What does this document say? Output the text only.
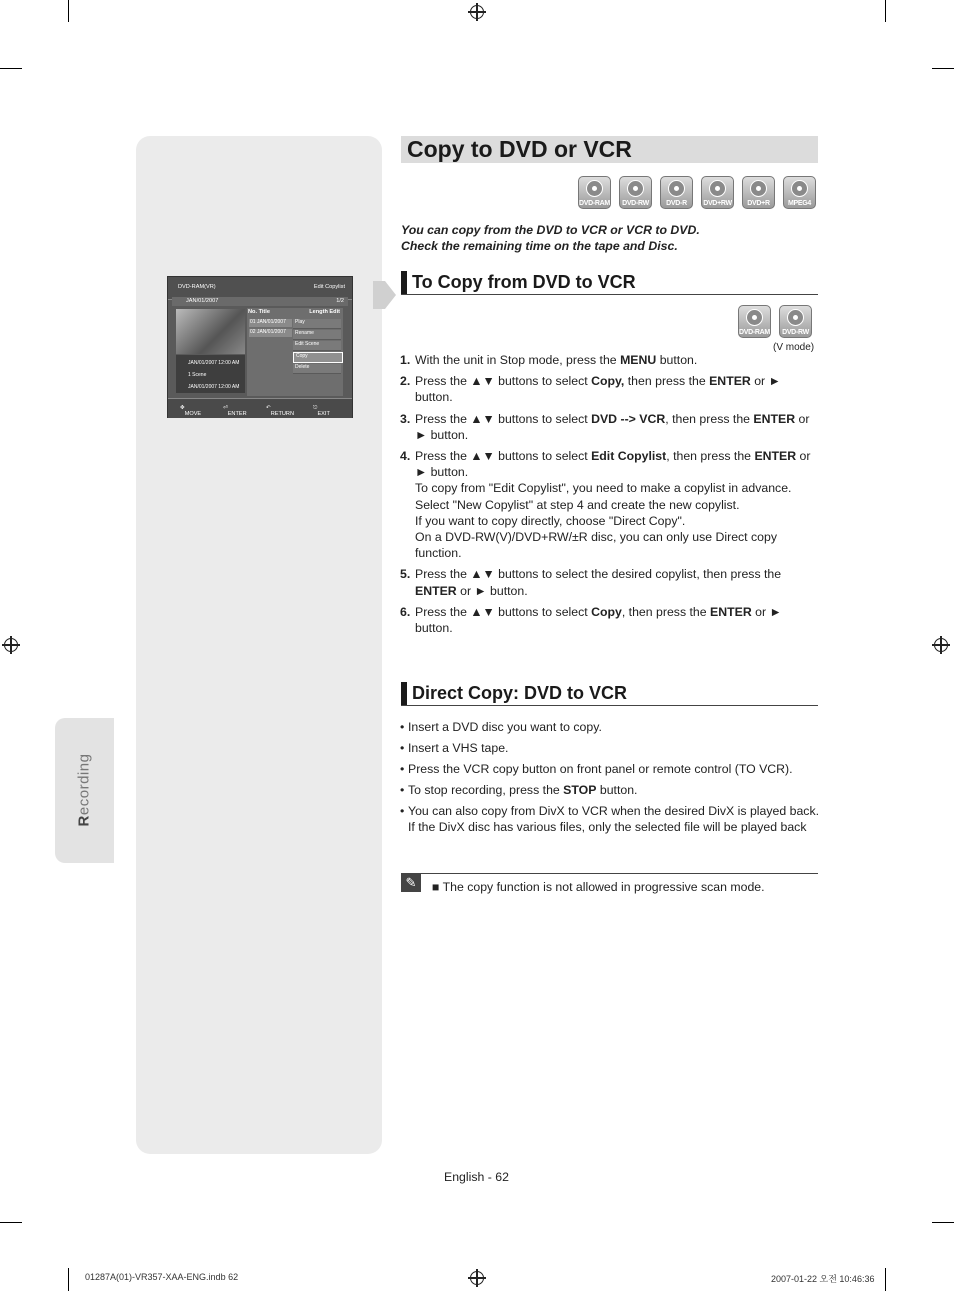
Recording
DVD-RAM(VR)	Edit Copylist
JAN/01/2007	1/2
JAN/01/2007 12:00 AM
1 Scene
JAN/01/2007 12:00 AM
No. Title	Length Edit
01 JAN/01/2007
02 JAN/01/2007
Play
Rename
Edit Scene
Copy
Delete
✥
MOVE
⏎
ENTER
↶
RETURN
⎋
EXIT
Copy to DVD or VCR
DVD-RAM DVD-RW	DVD-R	DVD+RW	DVD+R	MPEG4
You can copy from the DVD to VCR or VCR to DVD.
Check the remaining time on the tape and Disc.
To Copy from DVD to VCR
DVD-RAM DVD-RW
(V mode)
1. With the unit in Stop mode, press the MENU button.
2. Press the ▲▼ buttons to select Copy, then press the ENTER or ► button.
3. Press the ▲▼ buttons to select DVD --> VCR, then press the ENTER or ► button.
4. Press the ▲▼ buttons to select Edit Copylist, then press the ENTER or ► button.
To copy from "Edit Copylist", you need to make a copylist in advance. Select "New Copylist" at step 4 and create the new copylist.
If you want to copy directly, choose "Direct Copy".
On a DVD-RW(V)/DVD+RW/±R disc, you can only use Direct copy function.
5. Press the ▲▼ buttons to select the desired copylist, then press the ENTER or ► button.
6. Press the ▲▼ buttons to select Copy, then press the ENTER or ► button.
Direct Copy: DVD to VCR
• Insert a DVD disc you want to copy.
• Insert a VHS tape.
• Press the VCR copy button on front panel or remote control (TO VCR).
• To stop recording, press the STOP button.
• You can also copy from DivX to VCR when the desired DivX is played back. If the DivX disc has various files, only the selected file will be played back
✎	■ The copy function is not allowed in progressive scan mode.
English - 62
01287A(01)-VR357-XAA-ENG.indb 62	2007-01-22 오전 10:46:36
